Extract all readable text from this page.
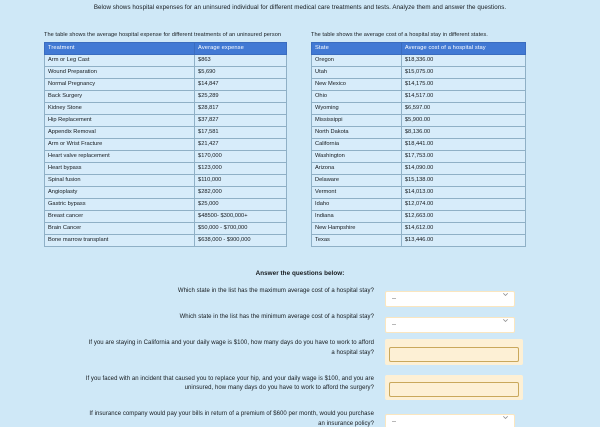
Below shows hospital expenses for an uninsured individual for different medical care treatments and tests. Analyze them and answer the questions.
The table shows the average hospital expense for different treatments of an uninsured person
Treatment	Average expense
Arm or Leg Cast	$863
Wound Preparation	$5,690
Normal Pregnancy	$14,847
Back Surgery	$25,289
Kidney Stone	$28,817
Hip Replacement	$37,827
Appendix Removal	$17,581
Arm or Wrist Fracture	$21,427
Heart valve replacement	$170,000
Heart bypass	$123,000
Spinal fusion	$110,000
Angioplasty	$282,000
Gastric bypass	$25,000
Breast cancer	$48500- $300,000+
Brain Cancer	$50,000 - $700,000
Bone marrow transplant	$638,000 - $900,000
The table shows the average cost of a hospital stay in different states.
State	Average cost of a hospital stay
Oregon	$18,336.00
Utah	$15,075.00
New Mexico	$14,175.00
Ohio	$14,517.00
Wyoming	$6,597.00
Mississippi	$5,900.00
North Dakota	$8,136.00
California	$18,441.00
Washington	$17,753.00
Arizona	$14,090.00
Delaware	$15,138.00
Vermont	$14,013.00
Idaho	$12,074.00
Indiana	$12,663.00
New Hampshire	$14,612.00
Texas	$13,446.00
Answer the questions below:
Which state in the list has the maximum average cost of a hospital stay?
--
Which state in the list has the minimum average cost of a hospital stay?
--
If you are staying in California and your daily wage is $100, how many days do you have to work to afford a hospital stay?
If you faced with an incident that caused you to replace your hip, and your daily wage is $100, and you are uninsured, how many days do you have to work to afford the surgery?
If insurance company would pay your bills in return of a premium of $600 per month, would you purchase an insurance policy?
--
